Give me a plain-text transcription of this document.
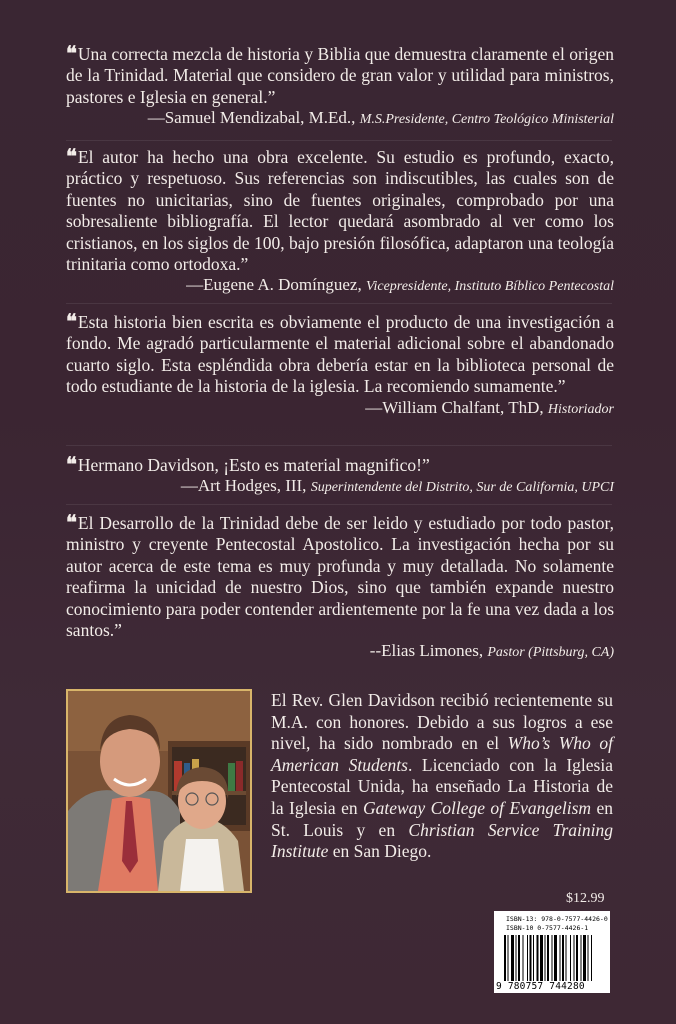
❛❛ Una correcta mezcla de historia y Biblia que demuestra claramente el origen de la Trinidad. Material que considero de gran valor y utilidad para ministros, pastores e Iglesia en general.”

—Samuel Mendizabal, M.Ed., M.S.Presidente, Centro Teológico Ministerial

❛❛ El autor ha hecho una obra excelente. Su estudio es profundo, exacto, práctico y respetuoso. Sus referencias son indiscutibles, las cuales son de fuentes no unicitarias, sino de fuentes originales, comprobado por una sobresaliente bibliografía. El lector quedará asombrado al ver como los cristianos, en los siglos de 100, bajo presión filosófica, adaptaron una teología trinitaria como ortodoxa.”

—Eugene A. Domínguez, Vicepresidente, Instituto Bíblico Pentecostal

❛❛ Esta historia bien escrita es obviamente el producto de una investigación a fondo. Me agradó particularmente el material adicional sobre el abandonado cuarto siglo. Esta espléndida obra debería estar en la biblioteca personal de todo estudiante de la historia de la iglesia. La recomiendo sumamente.”

—William Chalfant, ThD, Historiador

❛❛ Hermano Davidson, ¡Esto es material magnifico!”

—Art Hodges, III, Superintendente del Distrito, Sur de California, UPCI

❛❛ El Desarrollo de la Trinidad debe de ser leido y estudiado por todo pastor, ministro y creyente Pentecostal Apostolico. La investigación hecha por su autor acerca de este tema es muy profunda y muy detallada. No solamente reafirma la unicidad de nuestro Dios, sino que también expande nuestro conocimiento para poder contender ardientemente por la fe una vez dada a los santos.”

--Elias Limones, Pastor (Pittsburg, CA)
El Rev. Glen Davidson recibió recientemente su M.A. con honores. Debido a sus logros a ese nivel, ha sido nombrado en el Who’s Who of American Students. Licenciado con la Iglesia Pentecostal Unida, ha enseñado La Historia de la Iglesia en Gateway College of Evangelism en St. Louis y en Christian Service Training Institute en San Diego.
$12.99
ISBN-13: 978-0-7577-4426-0
ISBN-10 0-7577-4426-1
9 780757 744280
